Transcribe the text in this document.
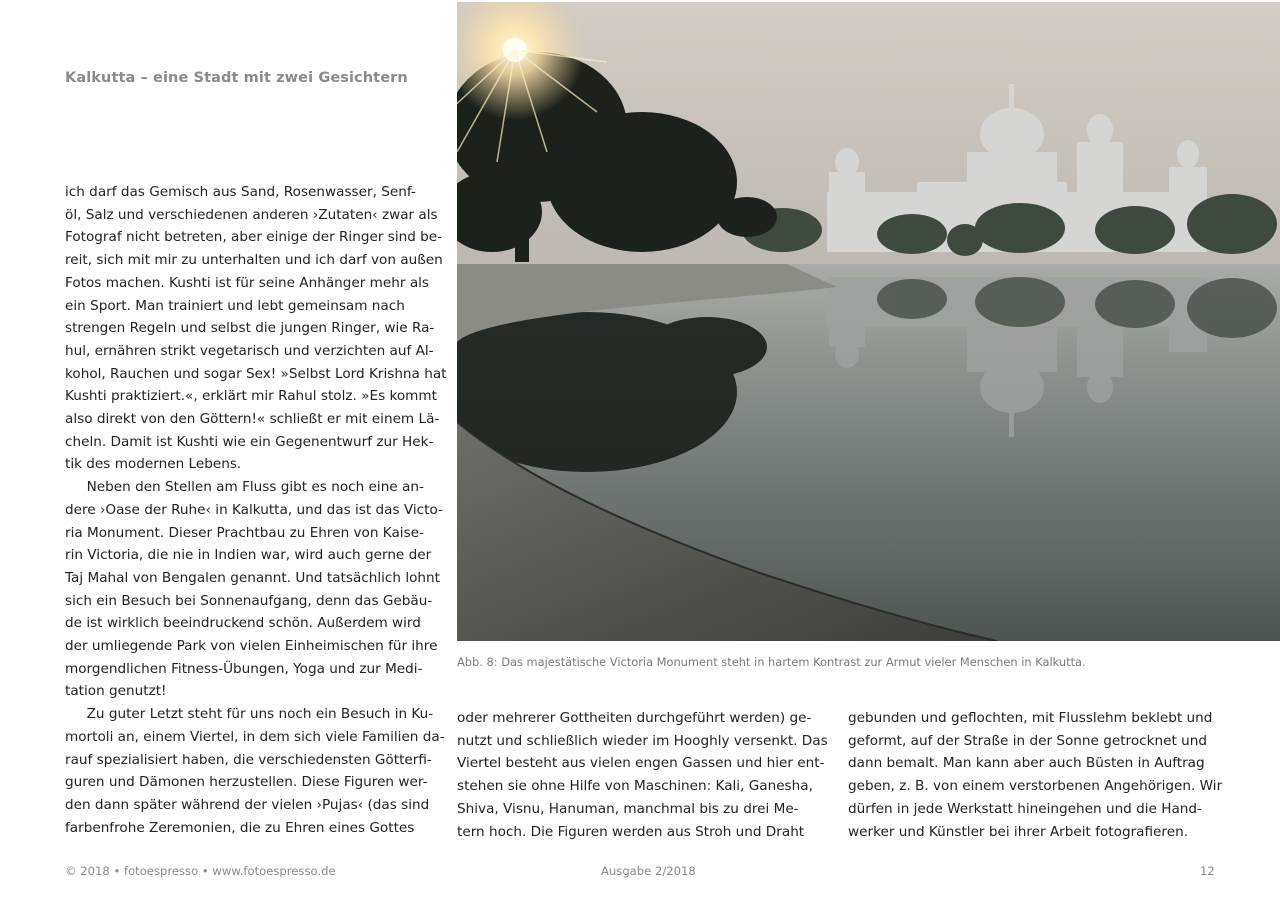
Kalkutta – eine Stadt mit zwei Gesichtern

ich darf das Gemisch aus Sand, Rosenwasser, Senf-

öl, Salz und verschiedenen anderen ›Zutaten‹ zwar als

Fotograf nicht betreten, aber einige der Ringer sind be-

reit, sich mit mir zu unterhalten und ich darf von außen

Fotos machen. Kushti ist für seine Anhänger mehr als

ein Sport. Man trainiert und lebt gemeinsam nach

strengen Regeln und selbst die jungen Ringer, wie Ra-

hul, ernähren strikt vegetarisch und verzichten auf Al-

kohol, Rauchen und sogar Sex! »Selbst Lord Krishna hat

Kushti praktiziert.«, erklärt mir Rahul stolz. »Es kommt

also direkt von den Göttern!« schließt er mit einem Lä-

cheln. Damit ist Kushti wie ein Gegenentwurf zur Hek-

tik des modernen Lebens.

Neben den Stellen am Fluss gibt es noch eine an-

dere ›Oase der Ruhe‹ in Kalkutta, und das ist das Victo-

ria Monument. Dieser Prachtbau zu Ehren von Kaise-

rin Victoria, die nie in Indien war, wird auch gerne der

Taj Mahal von Bengalen genannt. Und tatsächlich lohnt

sich ein Besuch bei Sonnenaufgang, denn das Gebäu-

de ist wirklich beeindruckend schön. Außerdem wird

der umliegende Park von vielen Einheimischen für ihre

morgendlichen Fitness-Übungen, Yoga und zur Medi-

tation genutzt!

Zu guter Letzt steht für uns noch ein Besuch in Ku-

mortoli an, einem Viertel, in dem sich viele Familien da-

rauf spezialisiert haben, die verschiedensten Götterfi-

guren und Dämonen herzustellen. Diese Figuren wer-

den dann später während der vielen ›Pujas‹ (das sind

farbenfrohe Zeremonien, die zu Ehren eines Gottes

Abb. 8: Das majestätische Victoria Monument steht in hartem Kontrast zur Armut vieler Menschen in Kalkutta.

oder mehrerer Gottheiten durchgeführt werden) ge-

nutzt und schließlich wieder im Hooghly versenkt. Das

Viertel besteht aus vielen engen Gassen und hier ent-

stehen sie ohne Hilfe von Maschinen: Kali, Ganesha,

Shiva, Visnu, Hanuman, manchmal bis zu drei Me-

tern hoch. Die Figuren werden aus Stroh und Draht

gebunden und geflochten, mit Flusslehm beklebt und

geformt, auf der Straße in der Sonne getrocknet und

dann bemalt. Man kann aber auch Büsten in Auftrag

geben, z. B. von einem verstorbenen Angehörigen. Wir

dürfen in jede Werkstatt hineingehen und die Hand-

werker und Künstler bei ihrer Arbeit fotografieren.

© 2018 • fotoespresso • www.fotoespresso.de	Ausgabe 2/2018	12
